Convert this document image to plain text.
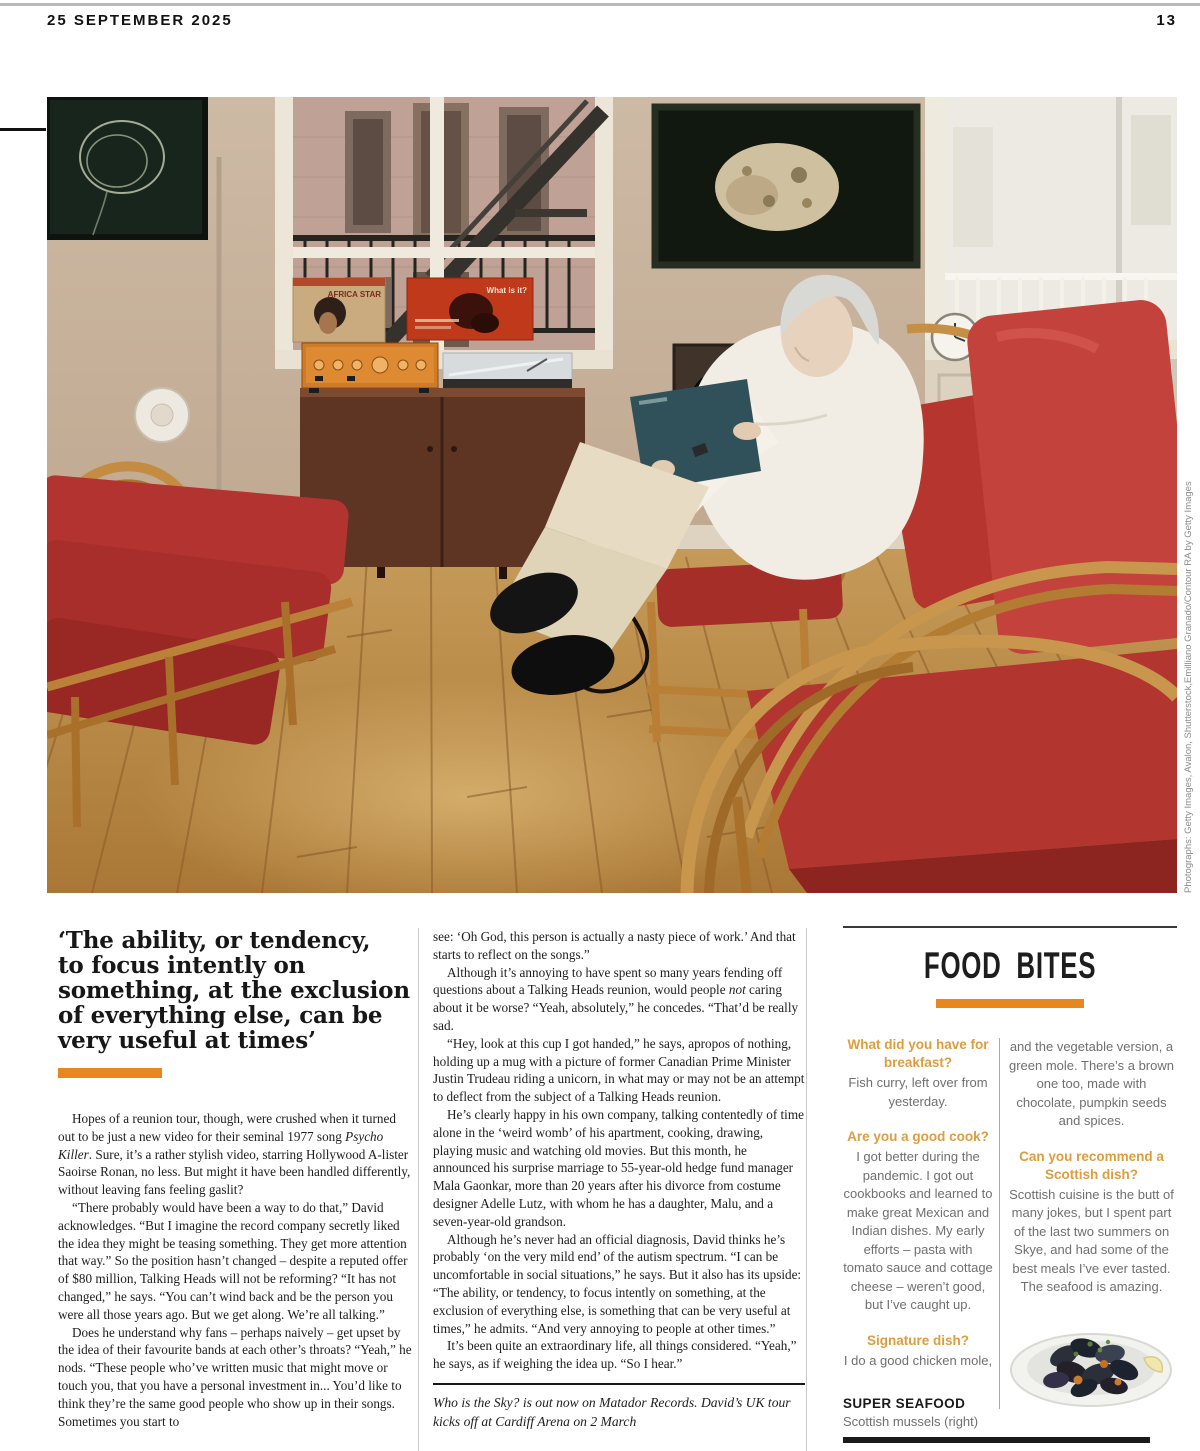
25 SEPTEMBER 2025	13
AFRICA STAR	What is it?
Photographs: Getty Images, Avalon, Shutterstock,Emilliano Granado/Contour RA by Getty Images
‘The ability, or tendency,
to focus intently on
something, at the exclusion
of everything else, can be
very useful at times’

Hopes of a reunion tour, though, were crushed when it turned out to be just a new video for their seminal 1977 song Psycho Killer. Sure, it’s a rather stylish video, starring Hollywood A-lister Saoirse Ronan, no less. But might it have been handled differently, without leaving fans feeling gaslit?

“There probably would have been a way to do that,” David acknowledges. “But I imagine the record company secretly liked the idea they might be teasing something. They get more attention that way.” So the position hasn’t changed – despite a reputed offer of $80 million, Talking Heads will not be reforming? “It has not changed,” he says. “You can’t wind back and be the person you were all those years ago. But we get along. We’re all talking.”

Does he understand why fans – perhaps naively – get upset by the idea of their favourite bands at each other’s throats? “Yeah,” he nods. “These people who’ve written music that might move or touch you, that you have a personal investment in... You’d like to think they’re the same good people who show up in their songs. Sometimes you start to

see: ‘Oh God, this person is actually a nasty piece of work.’ And that starts to reflect on the songs.”

Although it’s annoying to have spent so many years fending off questions about a Talking Heads reunion, would people not caring about it be worse? “Yeah, absolutely,” he concedes. “That’d be really sad.

“Hey, look at this cup I got handed,” he says, apropos of nothing, holding up a mug with a picture of former Canadian Prime Minister Justin Trudeau riding a unicorn, in what may or may not be an attempt to deflect from the subject of a Talking Heads reunion.

He’s clearly happy in his own company, talking contentedly of time alone in the ‘weird womb’ of his apartment, cooking, drawing, playing music and watching old movies. But this month, he announced his surprise marriage to 55-year-old hedge fund manager Mala Gaonkar, more than 20 years after his divorce from costume designer Adelle Lutz, with whom he has a daughter, Malu, and a seven-year-old grandson.

Although he’s never had an official diagnosis, David thinks he’s probably ‘on the very mild end’ of the autism spectrum. “I can be uncomfortable in social situations,” he says. But it also has its upside: “The ability, or tendency, to focus intently on something, at the exclusion of everything else, is something that can be very useful at times,” he admits. “And very annoying to people at other times.”

It’s been quite an extraordinary life, all things considered. “Yeah,” he says, as if weighing the idea up. “So I hear.”

Who is the Sky? is out now on Matador Records. David’s UK tour kicks off at Cardiff Arena on 2 March

FOOD BITES
What did you have for breakfast?

Fish curry, left over from yesterday.

Are you a good cook?

I got better during the pandemic. I got out cookbooks and learned to make great Mexican and Indian dishes. My early efforts – pasta with tomato sauce and cottage cheese – weren’t good, but I’ve caught up.

Signature dish?

I do a good chicken mole,

SUPER SEAFOOD
Scottish mussels (right)

and the vegetable version, a green mole. There’s a brown one too, made with chocolate, pumpkin seeds and spices.

Can you recommend a Scottish dish?

Scottish cuisine is the butt of many jokes, but I spent part of the last two summers on Skye, and had some of the best meals I’ve ever tasted. The seafood is amazing.
